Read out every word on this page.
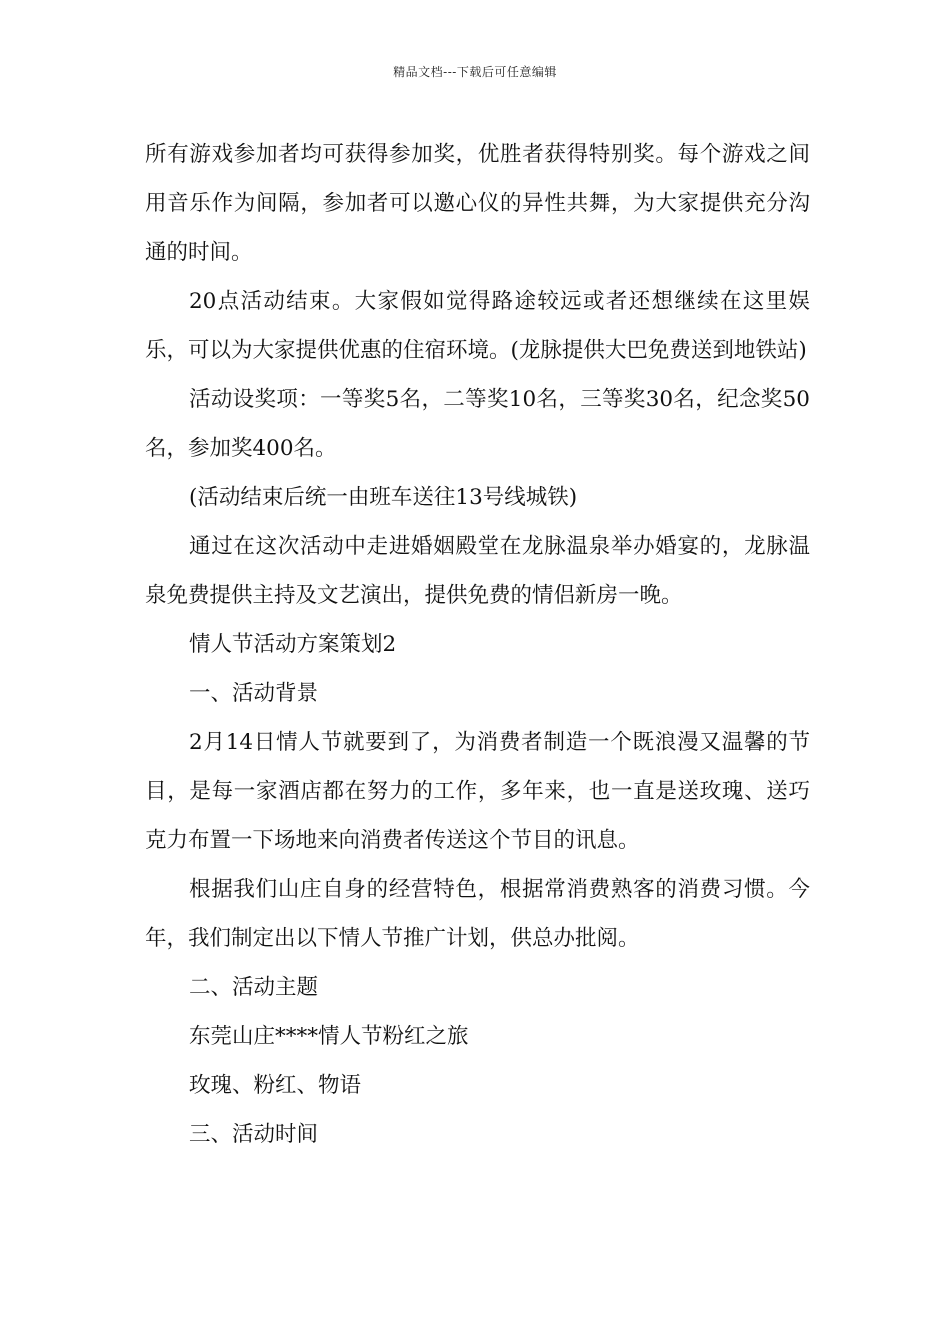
精品文档---下载后可任意编辑

所有游戏参加者均可获得参加奖，优胜者获得特别奖。每个游戏之间用音乐作为间隔，参加者可以邀心仪的异性共舞，为大家提供充分沟通的时间。

20点活动结束。大家假如觉得路途较远或者还想继续在这里娱乐，可以为大家提供优惠的住宿环境。(龙脉提供大巴免费送到地铁站)

活动设奖项：一等奖5名，二等奖10名，三等奖30名，纪念奖50名，参加奖400名。

(活动结束后统一由班车送往13号线城铁)

通过在这次活动中走进婚姻殿堂在龙脉温泉举办婚宴的，龙脉温泉免费提供主持及文艺演出，提供免费的情侣新房一晚。

情人节活动方案策划2

一、活动背景

2月14日情人节就要到了，为消费者制造一个既浪漫又温馨的节目，是每一家酒店都在努力的工作，多年来，也一直是送玫瑰、送巧克力布置一下场地来向消费者传送这个节目的讯息。

根据我们山庄自身的经营特色，根据常消费熟客的消费习惯。今年，我们制定出以下情人节推广计划，供总办批阅。

二、活动主题

东莞山庄****情人节粉红之旅

玫瑰、粉红、物语

三、活动时间
